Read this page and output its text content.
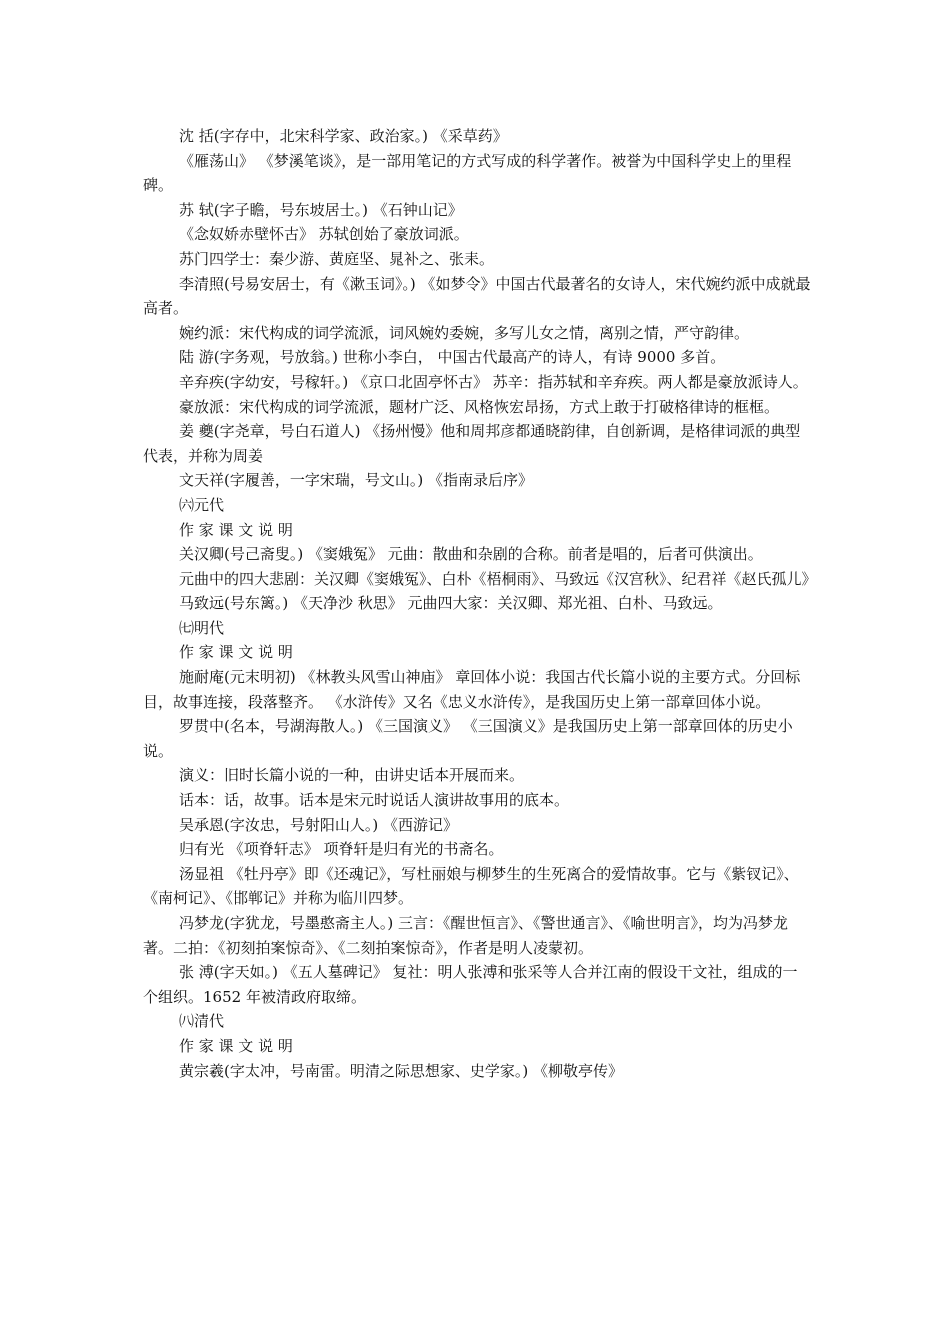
沈 括(字存中，北宋科学家、政治家。) 《采草药》

《雁荡山》 《梦溪笔谈》，是一部用笔记的方式写成的科学著作。被誉为中国科学史上的里程碑。

苏 轼(字子瞻，号东坡居士。) 《石钟山记》

《念奴娇赤壁怀古》 苏轼创始了豪放词派。

苏门四学士：秦少游、黄庭坚、晁补之、张耒。

李清照(号易安居士，有《漱玉词》。) 《如梦令》中国古代最著名的女诗人，宋代婉约派中成就最高者。

婉约派：宋代构成的词学流派，词风婉妁委婉，多写儿女之情，离别之情，严守韵律。

陆 游(字务观，号放翁。) 世称小李白， 中国古代最高产的诗人，有诗 9000 多首。

辛弃疾(字幼安，号稼轩。) 《京口北固亭怀古》 苏辛：指苏轼和辛弃疾。两人都是豪放派诗人。

豪放派：宋代构成的词学流派，题材广泛、风格恢宏昂扬，方式上敢于打破格律诗的框框。

姜 夔(字尧章，号白石道人) 《扬州慢》他和周邦彦都通晓韵律，自创新调，是格律词派的典型代表，并称为周姜

文天祥(字履善，一字宋瑞，号文山。) 《指南录后序》

㈥元代

作 家 课 文 说 明

关汉卿(号己斋叟。) 《窦娥冤》 元曲：散曲和杂剧的合称。前者是唱的，后者可供演出。

元曲中的四大悲剧：关汉卿《窦娥冤》、白朴《梧桐雨》、马致远《汉宫秋》、纪君祥《赵氏孤儿》

马致远(号东篱。) 《天净沙 秋思》 元曲四大家：关汉卿、郑光祖、白朴、马致远。

㈦明代

作 家 课 文 说 明

施耐庵(元末明初) 《林教头风雪山神庙》 章回体小说：我国古代长篇小说的主要方式。分回标目，故事连接，段落整齐。 《水浒传》又名《忠义水浒传》，是我国历史上第一部章回体小说。

罗贯中(名本，号湖海散人。) 《三国演义》 《三国演义》是我国历史上第一部章回体的历史小说。

演义：旧时长篇小说的一种，由讲史话本开展而来。

话本：话，故事。话本是宋元时说话人演讲故事用的底本。

吴承恩(字汝忠，号射阳山人。) 《西游记》

归有光 《项脊轩志》 项脊轩是归有光的书斋名。

汤显祖 《牡丹亭》即《还魂记》，写杜丽娘与柳梦生的生死离合的爱情故事。它与《紫钗记》、《南柯记》、《邯郸记》并称为临川四梦。

冯梦龙(字犹龙，号墨憨斋主人。) 三言：《醒世恒言》、《警世通言》、《喻世明言》，均为冯梦龙著。二拍：《初刻拍案惊奇》、《二刻拍案惊奇》，作者是明人凌蒙初。

张 溥(字天如。) 《五人墓碑记》 复社：明人张溥和张采等人合并江南的假设干文社，组成的一个组织。1652 年被清政府取缔。

㈧清代

作 家 课 文 说 明

黄宗羲(字太冲，号南雷。明清之际思想家、史学家。) 《柳敬亭传》
